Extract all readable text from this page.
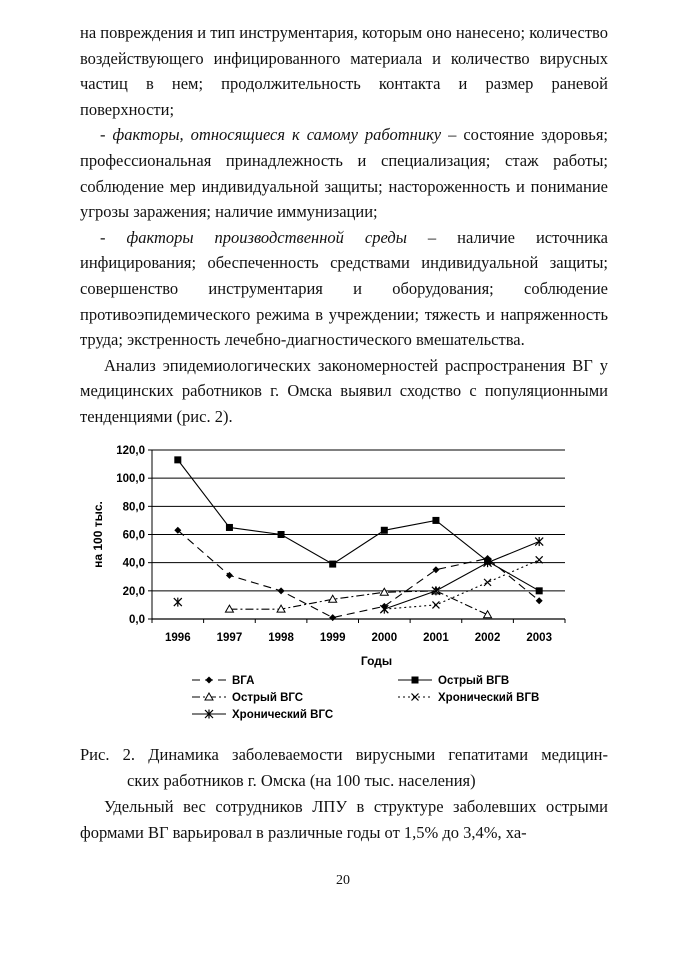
на повреждения и тип инструментария, которым оно нанесено; количество воздействующего инфицированного материала и количество вирусных частиц в нем; продолжительность контакта и размер раневой поверхности;

- факторы, относящиеся к самому работнику – состояние здоровья; профессиональная принадлежность и специализация; стаж работы; соблюдение мер индивидуальной защиты; настороженность и понимание угрозы заражения; наличие иммунизации;

- факторы производственной среды – наличие источника инфицирования; обеспеченность средствами индивидуальной защиты; совершенство инструментария и оборудования; соблюдение противоэпидемического режима в учреждении; тяжесть и напряженность труда; экстренность лечебно-диагностического вмешательства.

Анализ эпидемиологических закономерностей распространения ВГ у медицинских работников г. Омска выявил сходство с популяционными тенденциями (рис. 2).

0,0
20,0
40,0
60,0
80,0
100,0
120,0
1996 1997 1998 1999 2000 2001 2002 2003
Годы
на 100 тыс.
ВГА	Острый ВГВ
Острый ВГС	Хронический ВГВ
Хронический ВГС
Рис. 2. Динамика заболеваемости вирусными гепатитами медицин-
ских работников г. Омска (на 100 тыс. населения)

Удельный вес сотрудников ЛПУ в структуре заболевших острыми формами ВГ варьировал в различные годы от 1,5% до 3,4%, ха-

20
